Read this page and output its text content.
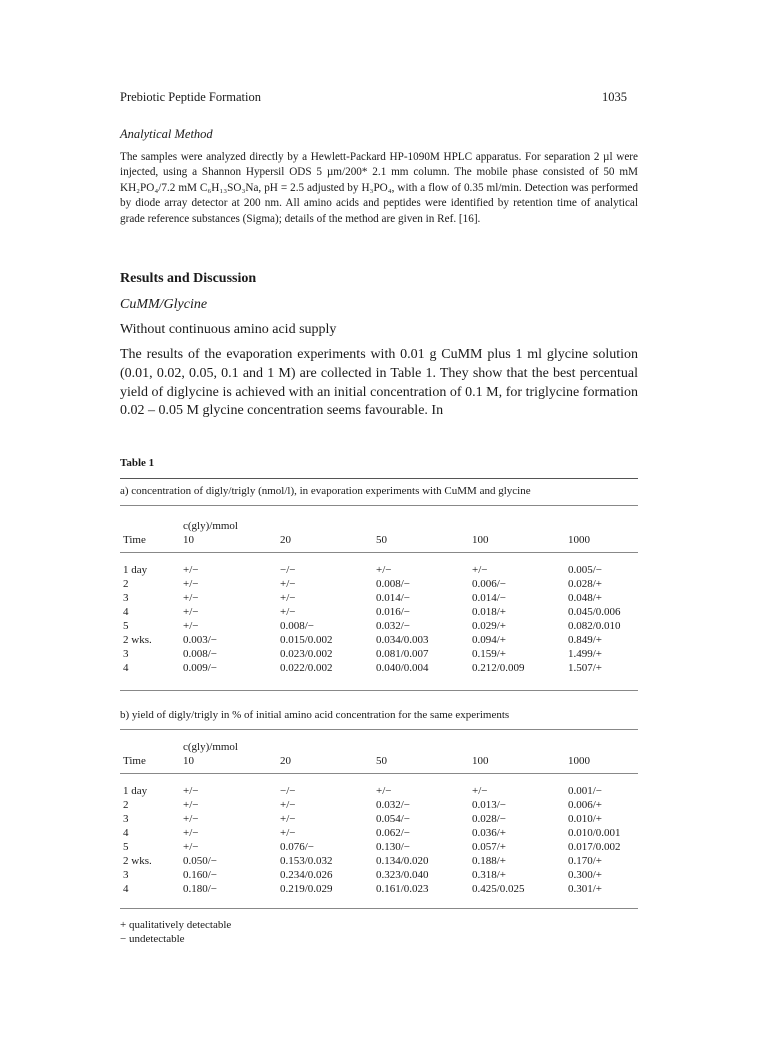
Prebiotic Peptide Formation	1035
Analytical Method
The samples were analyzed directly by a Hewlett-Packard HP-1090M HPLC apparatus. For separation 2 µl were injected, using a Shannon Hypersil ODS 5 µm/200* 2.1 mm column. The mobile phase consisted of 50 mM KH₂PO₄/7.2 mM C₆H₁₃SO₃Na, pH = 2.5 adjusted by H₃PO₄, with a flow of 0.35 ml/min. Detection was performed by diode array detector at 200 nm. All amino acids and peptides were identified by retention time of analytical grade reference substances (Sigma); details of the method are given in Ref. [16].
Results and Discussion
CuMM/Glycine
Without continuous amino acid supply
The results of the evaporation experiments with 0.01 g CuMM plus 1 ml glycine solution (0.01, 0.02, 0.05, 0.1 and 1 M) are collected in Table 1. They show that the best percentual yield of diglycine is achieved with an initial concentration of 0.1 M, for triglycine formation 0.02 – 0.05 M glycine concentration seems favourable. In
Table 1
a) concentration of digly/trigly (nmol/l), in evaporation experiments with CuMM and glycine
c(gly)/mmol
Time	10	20	50	100	1000
1 day	+/−	−/−	+/−	+/−	0.005/−
2	+/−	+/−	0.008/−	0.006/−	0.028/+
3	+/−	+/−	0.014/−	0.014/−	0.048/+
4	+/−	+/−	0.016/−	0.018/+	0.045/0.006
5	+/−	0.008/−	0.032/−	0.029/+	0.082/0.010
2 wks.	0.003/−	0.015/0.002	0.034/0.003	0.094/+	0.849/+
3	0.008/−	0.023/0.002	0.081/0.007	0.159/+	1.499/+
4	0.009/−	0.022/0.002	0.040/0.004	0.212/0.009	1.507/+
b) yield of digly/trigly in % of initial amino acid concentration for the same experiments
c(gly)/mmol
Time	10	20	50	100	1000
1 day	+/−	−/−	+/−	+/−	0.001/−
2	+/−	+/−	0.032/−	0.013/−	0.006/+
3	+/−	+/−	0.054/−	0.028/−	0.010/+
4	+/−	+/−	0.062/−	0.036/+	0.010/0.001
5	+/−	0.076/−	0.130/−	0.057/+	0.017/0.002
2 wks.	0.050/−	0.153/0.032	0.134/0.020	0.188/+	0.170/+
3	0.160/−	0.234/0.026	0.323/0.040	0.318/+	0.300/+
4	0.180/−	0.219/0.029	0.161/0.023	0.425/0.025	0.301/+
+ qualitatively detectable
− undetectable
